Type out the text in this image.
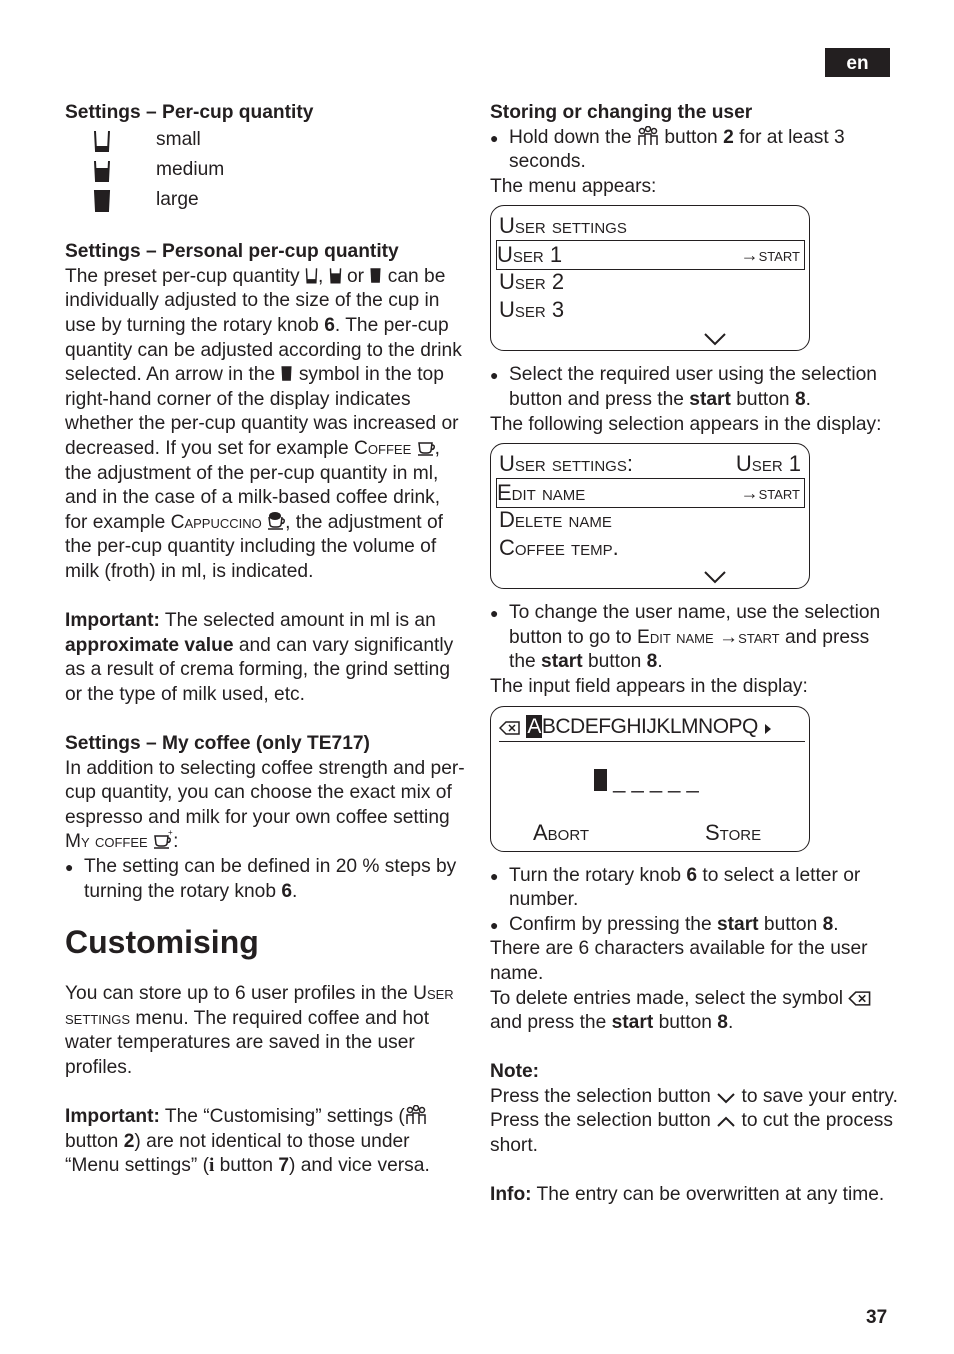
en

Settings – Per-cup quantity

small
medium
large

Settings – Personal per-cup quantity

The preset per-cup quantity ,  or can be individually adjusted to the size of the cup in use by turning the rotary knob 6. The per-cup quantity can be adjusted according to the drink selected. An arrow in the symbol in the top right-hand corner of the display indicates whether the per-cup quantity was increased or decreased. If you set for example Coffee , the adjustment of the per-cup quantity in ml, and in the case of a milk-based coffee drink, for example Cappuccino , the adjustment of the per-cup quantity including the volume of milk (froth) in ml, is indicated.

Important: The selected amount in ml is an approximate value and can vary significantly as a result of crema forming, the grind setting or the type of milk used, etc.

Settings – My coffee (only TE717)

In addition to selecting coffee strength and per-cup quantity, you can choose the exact mix of espresso and milk for your own coffee setting My coffee	+ :

● The setting can be defined in 20 % steps by turning the rotary knob 6.

Customising

You can store up to 6 user profiles in the User settings menu. The required coffee and hot water temperatures are saved in the user profiles.

Important: The “Customising” settings ( button 2) are not identical to those under “Menu settings” (i button 7) and vice versa.

Storing or changing the user

● Hold down the button 2 for at least 3 seconds.

The menu appears:

User settings
User 1	→start
User 2
User 3

● Select the required user using the selection button and press the start button 8.

The following selection appears in the display:

User settings:	User 1
Edit name	→start
Delete name
Coffee temp.

● To change the user name, use the selection button to go to Edit name →start and press the start button 8.

The input field appears in the display:

ABCDEFGHIJKLMNOPQ
_ _ _ _ _
Abort	Store

● Turn the rotary knob 6 to select a letter or number.

● Confirm by pressing the start button 8.

There are 6 characters available for the user name.

To delete entries made, select the symbol  and press the start button 8.

Note:

Press the selection button to save your entry. Press the selection button to cut the process short.

Info: The entry can be overwritten at any time.

37
